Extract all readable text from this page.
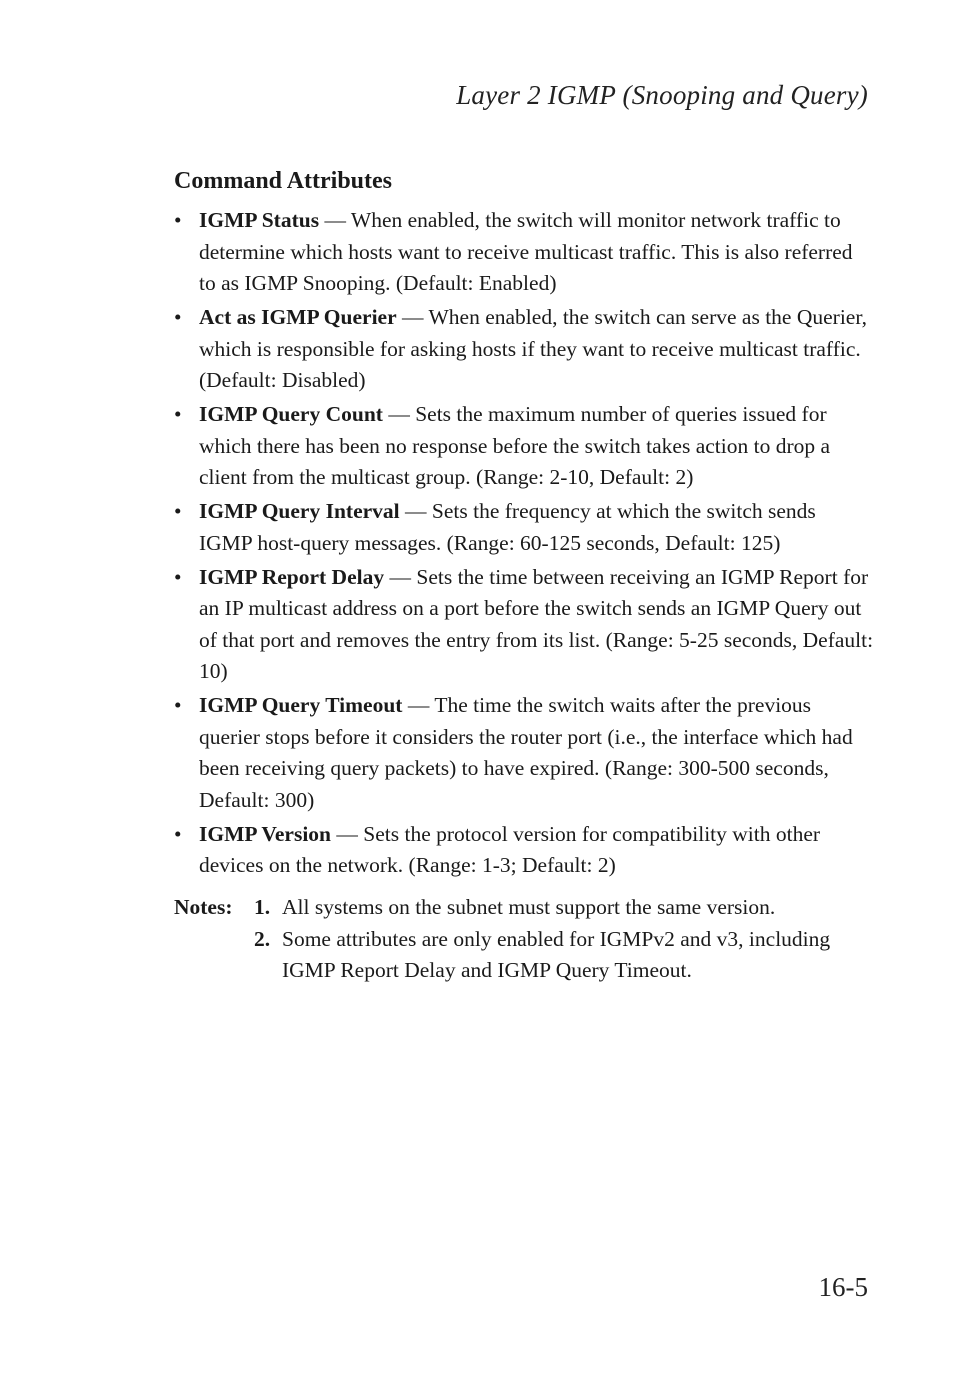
Layer 2 IGMP (Snooping and Query)
Command Attributes
• IGMP Status — When enabled, the switch will monitor network traffic to determine which hosts want to receive multicast traffic. This is also referred to as IGMP Snooping. (Default: Enabled)
• Act as IGMP Querier — When enabled, the switch can serve as the Querier, which is responsible for asking hosts if they want to receive multicast traffic. (Default: Disabled)
• IGMP Query Count — Sets the maximum number of queries issued for which there has been no response before the switch takes action to drop a client from the multicast group. (Range: 2-10, Default: 2)
• IGMP Query Interval — Sets the frequency at which the switch sends IGMP host-query messages. (Range: 60-125 seconds, Default: 125)
• IGMP Report Delay — Sets the time between receiving an IGMP Report for an IP multicast address on a port before the switch sends an IGMP Query out of that port and removes the entry from its list. (Range: 5-25 seconds, Default: 10)
• IGMP Query Timeout — The time the switch waits after the previous querier stops before it considers the router port (i.e., the interface which had been receiving query packets) to have expired. (Range: 300-500 seconds, Default: 300)
• IGMP Version — Sets the protocol version for compatibility with other devices on the network. (Range: 1-3; Default: 2)
Notes: 1. All systems on the subnet must support the same version.
2. Some attributes are only enabled for IGMPv2 and v3, including IGMP Report Delay and IGMP Query Timeout.
16-5
